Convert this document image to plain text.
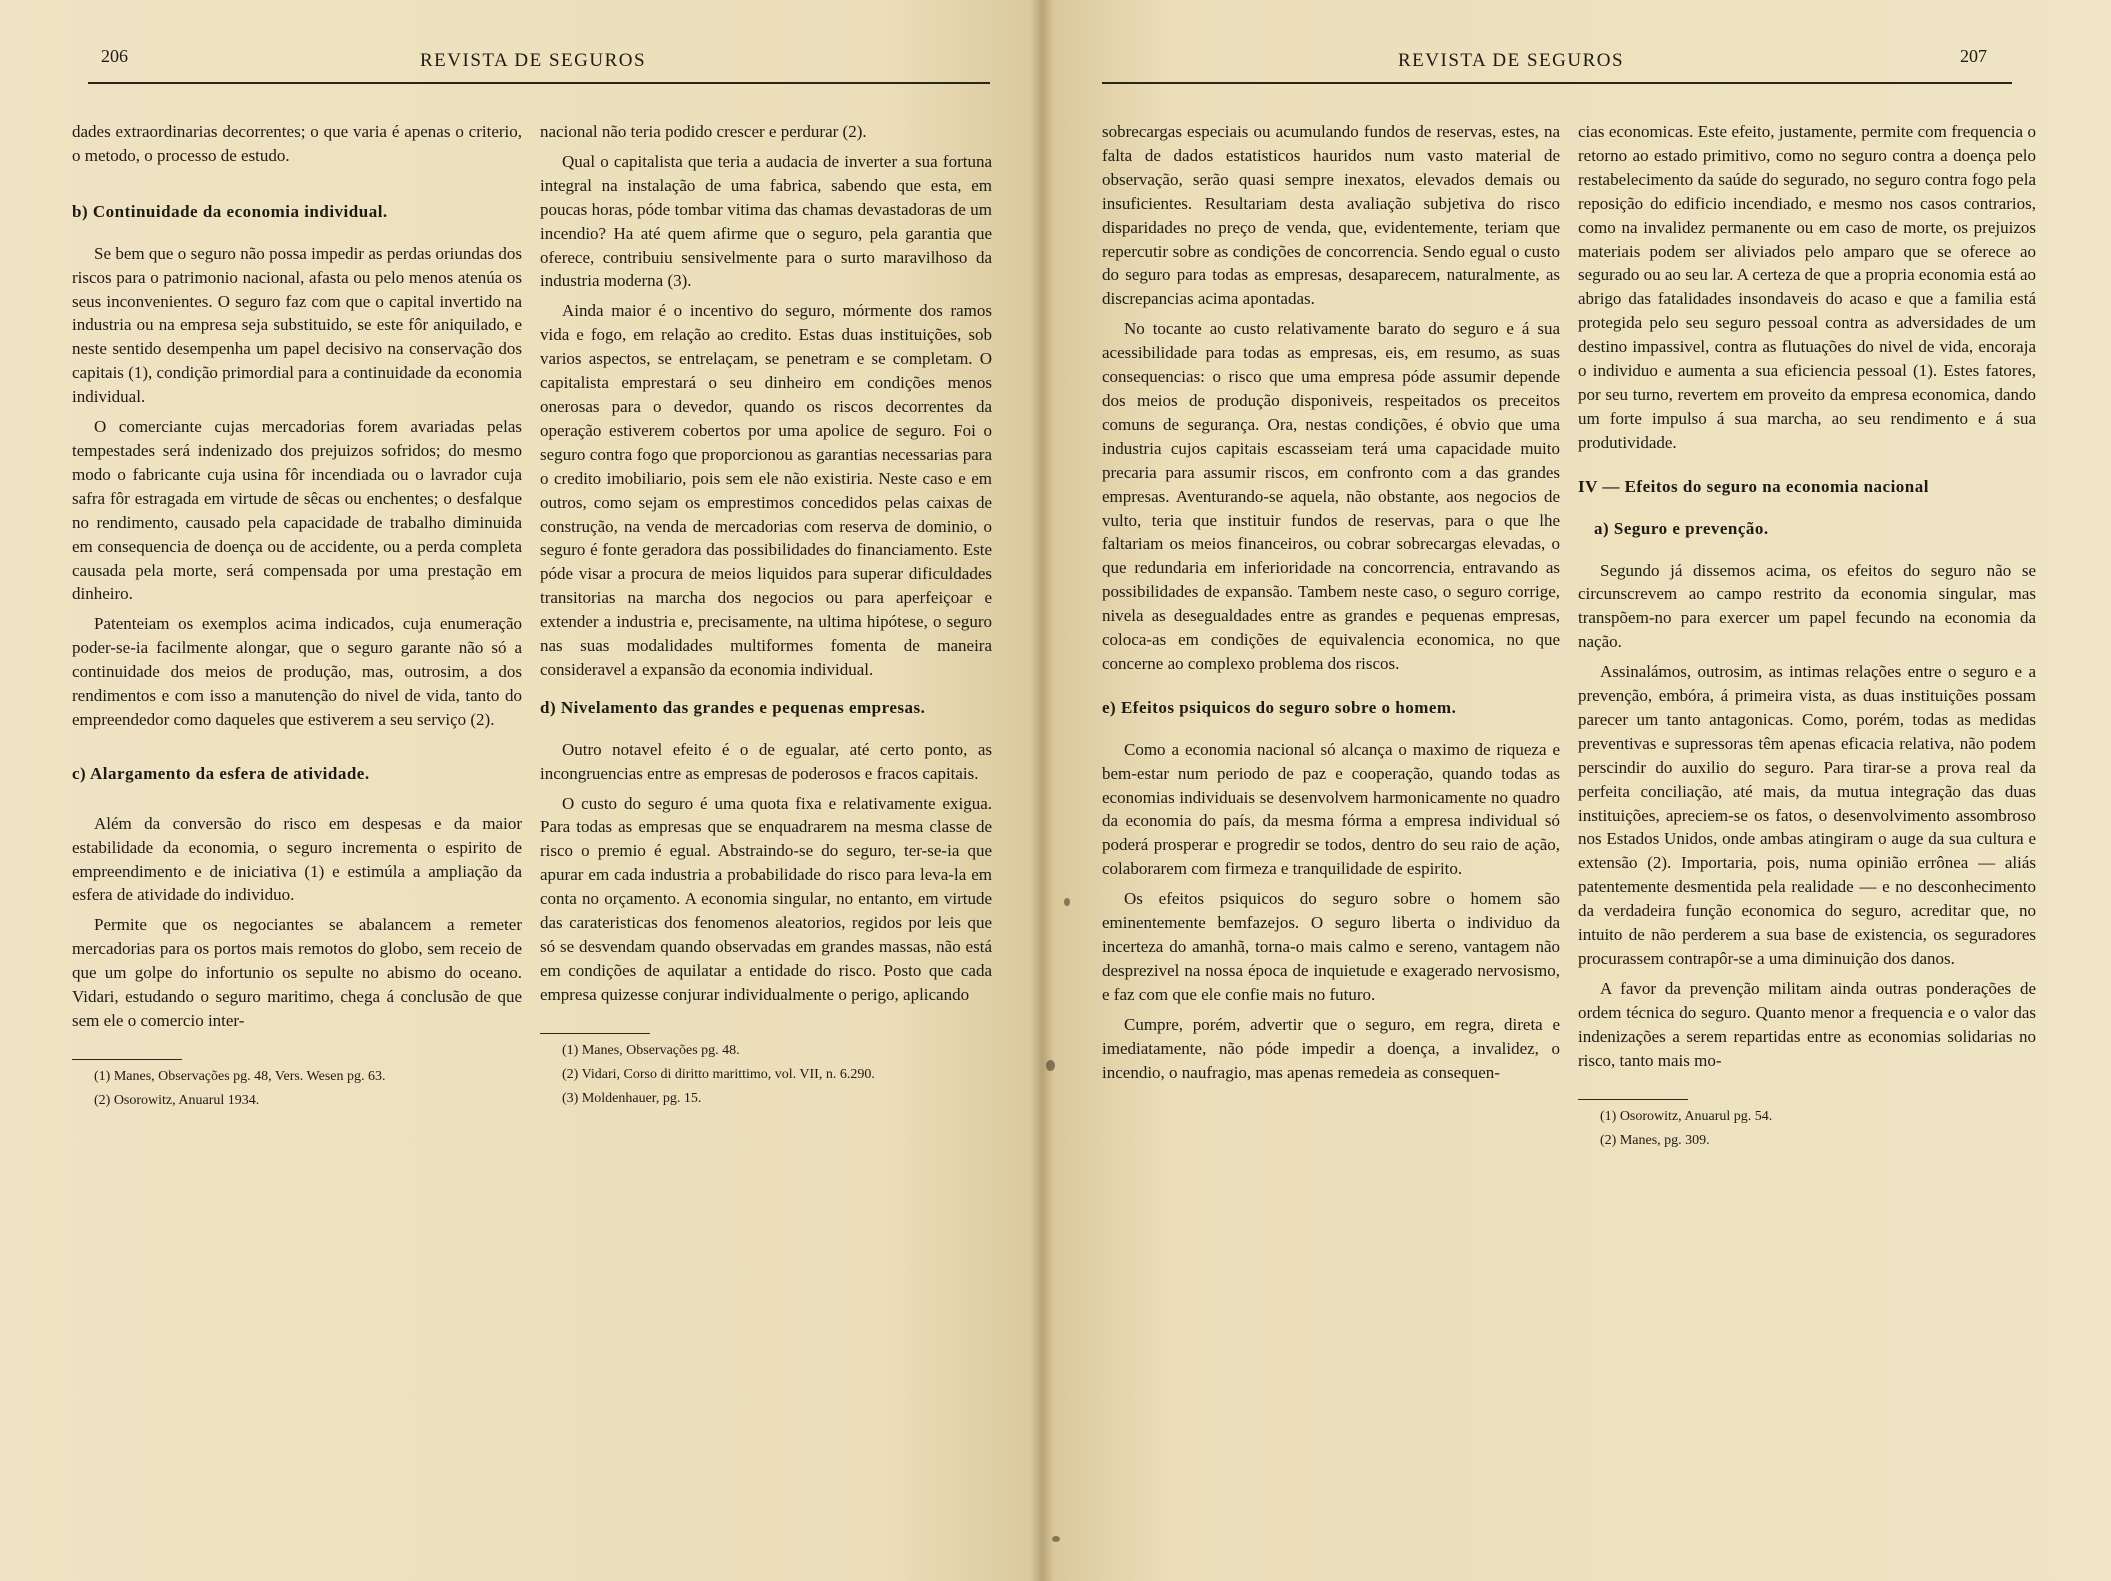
206	REVISTA DE SEGUROS

dades extraordinarias decorrentes; o que varia é apenas o criterio, o metodo, o processo de estudo.

b) Continuidade da economia individual.

Se bem que o seguro não possa impedir as perdas oriundas dos riscos para o patrimonio nacional, afasta ou pelo menos atenúa os seus inconvenientes. O seguro faz com que o capital invertido na industria ou na empresa seja substituido, se este fôr aniquilado, e neste sentido desempenha um papel decisivo na conservação dos capitais (1), condição primordial para a continuidade da economia individual.

O comerciante cujas mercadorias forem avariadas pelas tempestades será indenizado dos prejuizos sofridos; do mesmo modo o fabricante cuja usina fôr incendiada ou o lavrador cuja safra fôr estragada em virtude de sêcas ou enchentes; o desfalque no rendimento, causado pela capacidade de trabalho diminuida em consequencia de doença ou de accidente, ou a perda completa causada pela morte, será compensada por uma prestação em dinheiro.

Patenteiam os exemplos acima indicados, cuja enumeração poder-se-ia facilmente alongar, que o seguro garante não só a continuidade dos meios de produção, mas, outrosim, a dos rendimentos e com isso a manutenção do nivel de vida, tanto do empreendedor como daqueles que estiverem a seu serviço (2).

c) Alargamento da esfera de atividade.

Além da conversão do risco em despesas e da maior estabilidade da economia, o seguro incrementa o espirito de empreendimento e de iniciativa (1) e estimúla a ampliação da esfera de atividade do individuo.

Permite que os negociantes se abalancem a remeter mercadorias para os portos mais remotos do globo, sem receio de que um golpe do infortunio os sepulte no abismo do oceano. Vidari, estudando o seguro maritimo, chega á conclusão de que sem ele o comercio inter-

(1) Manes, Observações pg. 48, Vers. Wesen pg. 63.

(2) Osorowitz, Anuarul 1934.

nacional não teria podido crescer e perdurar (2).

Qual o capitalista que teria a audacia de inverter a sua fortuna integral na instalação de uma fabrica, sabendo que esta, em poucas horas, póde tombar vitima das chamas devastadoras de um incendio? Ha até quem afirme que o seguro, pela garantia que oferece, contribuiu sensivelmente para o surto maravilhoso da industria moderna (3).

Ainda maior é o incentivo do seguro, mórmente dos ramos vida e fogo, em relação ao credito. Estas duas instituições, sob varios aspectos, se entrelaçam, se penetram e se completam. O capitalista emprestará o seu dinheiro em condições menos onerosas para o devedor, quando os riscos decorrentes da operação estiverem cobertos por uma apolice de seguro. Foi o seguro contra fogo que proporcionou as garantias necessarias para o credito imobiliario, pois sem ele não existiria. Neste caso e em outros, como sejam os emprestimos concedidos pelas caixas de construção, na venda de mercadorias com reserva de dominio, o seguro é fonte geradora das possibilidades do financiamento. Este póde visar a procura de meios liquidos para superar dificuldades transitorias na marcha dos negocios ou para aperfeiçoar e extender a industria e, precisamente, na ultima hipótese, o seguro nas suas modalidades multiformes fomenta de maneira consideravel a expansão da economia individual.

d) Nivelamento das grandes e pequenas empresas.

Outro notavel efeito é o de egualar, até certo ponto, as incongruencias entre as empresas de poderosos e fracos capitais.

O custo do seguro é uma quota fixa e relativamente exigua. Para todas as empresas que se enquadrarem na mesma classe de risco o premio é egual. Abstraindo-se do seguro, ter-se-ia que apurar em cada industria a probabilidade do risco para leva-la em conta no orçamento. A economia singular, no entanto, em virtude das carateristicas dos fenomenos aleatorios, regidos por leis que só se desvendam quando observadas em grandes massas, não está em condições de aquilatar a entidade do risco. Posto que cada empresa quizesse conjurar individualmente o perigo, aplicando

(1) Manes, Observações pg. 48.

(2) Vidari, Corso di diritto marittimo, vol. VII, n. 6.290.

(3) Moldenhauer, pg. 15.

REVISTA DE SEGUROS	207

sobrecargas especiais ou acumulando fundos de reservas, estes, na falta de dados estatisticos hauridos num vasto material de observação, serão quasi sempre inexatos, elevados demais ou insuficientes. Resultariam desta avaliação subjetiva do risco disparidades no preço de venda, que, evidentemente, teriam que repercutir sobre as condições de concorrencia. Sendo egual o custo do seguro para todas as empresas, desaparecem, naturalmente, as discrepancias acima apontadas.

No tocante ao custo relativamente barato do seguro e á sua acessibilidade para todas as empresas, eis, em resumo, as suas consequencias: o risco que uma empresa póde assumir depende dos meios de produção disponiveis, respeitados os preceitos comuns de segurança. Ora, nestas condições, é obvio que uma industria cujos capitais escasseiam terá uma capacidade muito precaria para assumir riscos, em confronto com a das grandes empresas. Aventurando-se aquela, não obstante, aos negocios de vulto, teria que instituir fundos de reservas, para o que lhe faltariam os meios financeiros, ou cobrar sobrecargas elevadas, o que redundaria em inferioridade na concorrencia, entravando as possibilidades de expansão. Tambem neste caso, o seguro corrige, nivela as desegualdades entre as grandes e pequenas empresas, coloca-as em condições de equivalencia economica, no que concerne ao complexo problema dos riscos.

e) Efeitos psiquicos do seguro sobre o homem.

Como a economia nacional só alcança o maximo de riqueza e bem-estar num periodo de paz e cooperação, quando todas as economias individuais se desenvolvem harmonicamente no quadro da economia do país, da mesma fórma a empresa individual só poderá prosperar e progredir se todos, dentro do seu raio de ação, colaborarem com firmeza e tranquilidade de espirito.

Os efeitos psiquicos do seguro sobre o homem são eminentemente bemfazejos. O seguro liberta o individuo da incerteza do amanhã, torna-o mais calmo e sereno, vantagem não desprezivel na nossa época de inquietude e exagerado nervosismo, e faz com que ele confie mais no futuro.

Cumpre, porém, advertir que o seguro, em regra, direta e imediatamente, não póde impedir a doença, a invalidez, o incendio, o naufragio, mas apenas remedeia as consequen-

cias economicas. Este efeito, justamente, permite com frequencia o retorno ao estado primitivo, como no seguro contra a doença pelo restabelecimento da saúde do segurado, no seguro contra fogo pela reposição do edificio incendiado, e mesmo nos casos contrarios, como na invalidez permanente ou em caso de morte, os prejuizos materiais podem ser aliviados pelo amparo que se oferece ao segurado ou ao seu lar. A certeza de que a propria economia está ao abrigo das fatalidades insondaveis do acaso e que a familia está protegida pelo seu seguro pessoal contra as adversidades de um destino impassivel, contra as flutuações do nivel de vida, encoraja o individuo e aumenta a sua eficiencia pessoal (1). Estes fatores, por seu turno, revertem em proveito da empresa economica, dando um forte impulso á sua marcha, ao seu rendimento e á sua produtividade.

IV — Efeitos do seguro na economia nacional
a) Seguro e prevenção.

Segundo já dissemos acima, os efeitos do seguro não se circunscrevem ao campo restrito da economia singular, mas transpõem-no para exercer um papel fecundo na economia da nação.

Assinalámos, outrosim, as intimas relações entre o seguro e a prevenção, embóra, á primeira vista, as duas instituições possam parecer um tanto antagonicas. Como, porém, todas as medidas preventivas e supressoras têm apenas eficacia relativa, não podem perscindir do auxilio do seguro. Para tirar-se a prova real da perfeita conciliação, até mais, da mutua integração das duas instituições, apreciem-se os fatos, o desenvolvimento assombroso nos Estados Unidos, onde ambas atingiram o auge da sua cultura e extensão (2). Importaria, pois, numa opinião errônea — aliás patentemente desmentida pela realidade — e no desconhecimento da verdadeira função economica do seguro, acreditar que, no intuito de não perderem a sua base de existencia, os seguradores procurassem contrapôr-se a uma diminuição dos danos.

A favor da prevenção militam ainda outras ponderações de ordem técnica do seguro. Quanto menor a frequencia e o valor das indenizações a serem repartidas entre as economias solidarias no risco, tanto mais mo-

(1) Osorowitz, Anuarul pg. 54.

(2) Manes, pg. 309.
